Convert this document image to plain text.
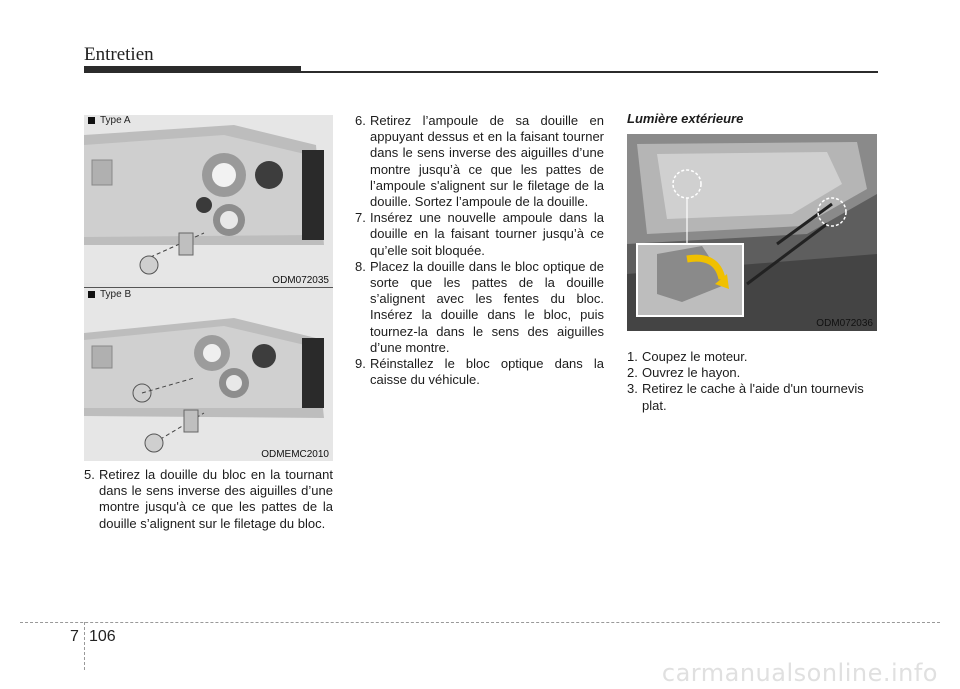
Entretien
Type A
ODM072035
Type B
ODMEMC2010

5. Retirez la douille du bloc en la tournant dans le sens inverse des aiguilles d’une montre jusqu'à ce que les pattes de la douille s’alignent sur le filetage du bloc.

6. Retirez l’ampoule de sa douille en appuyant dessus et en la faisant tourner dans le sens inverse des aiguilles d’une montre jusqu’à ce que les pattes de l’ampoule s'alignent sur le filetage de la douille. Sortez l’ampoule de la douille.

7. Insérez une nouvelle ampoule dans la douille en la faisant tourner jusqu’à ce qu’elle soit bloquée.

8. Placez la douille dans le bloc optique de sorte que les pattes de la douille s’alignent avec les fentes du bloc. Insérez la douille dans le bloc, puis tournez-la dans le sens des aiguilles d’une montre.

9. Réinstallez le bloc optique dans la caisse du véhicule.

Lumière extérieure
ODM072036

1. Coupez le moteur.

2. Ouvrez le hayon.

3. Retirez le cache à l'aide d'un tournevis plat.

7 106
carmanualsonline.info
